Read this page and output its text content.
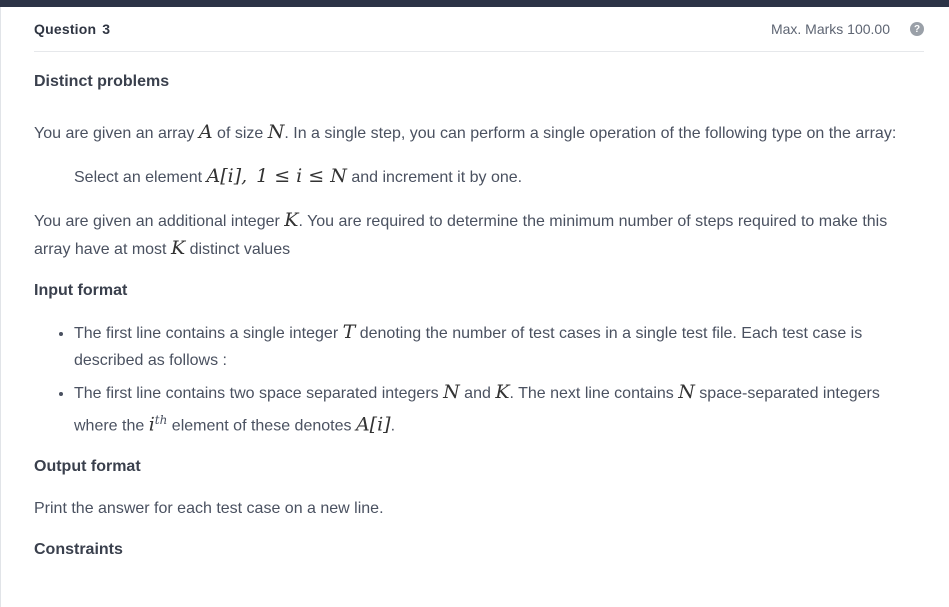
Question 3	Max. Marks 100.00	?
Distinct problems

You are given an array A of size N. In a single step, you can perform a single operation of the following type on the array:

Select an element A[i], 1 ≤ i ≤ N and increment it by one.

You are given an additional integer K. You are required to determine the minimum number of steps required to make this array have at most K distinct values

Input format
• The first line contains a single integer T denoting the number of test cases in a single test file. Each test case is described as follows :
• The first line contains two space separated integers N and K. The next line contains N space-separated integers where the $i^{th}$ element of these denotes A[i].
Output format

Print the answer for each test case on a new line.

Constraints
